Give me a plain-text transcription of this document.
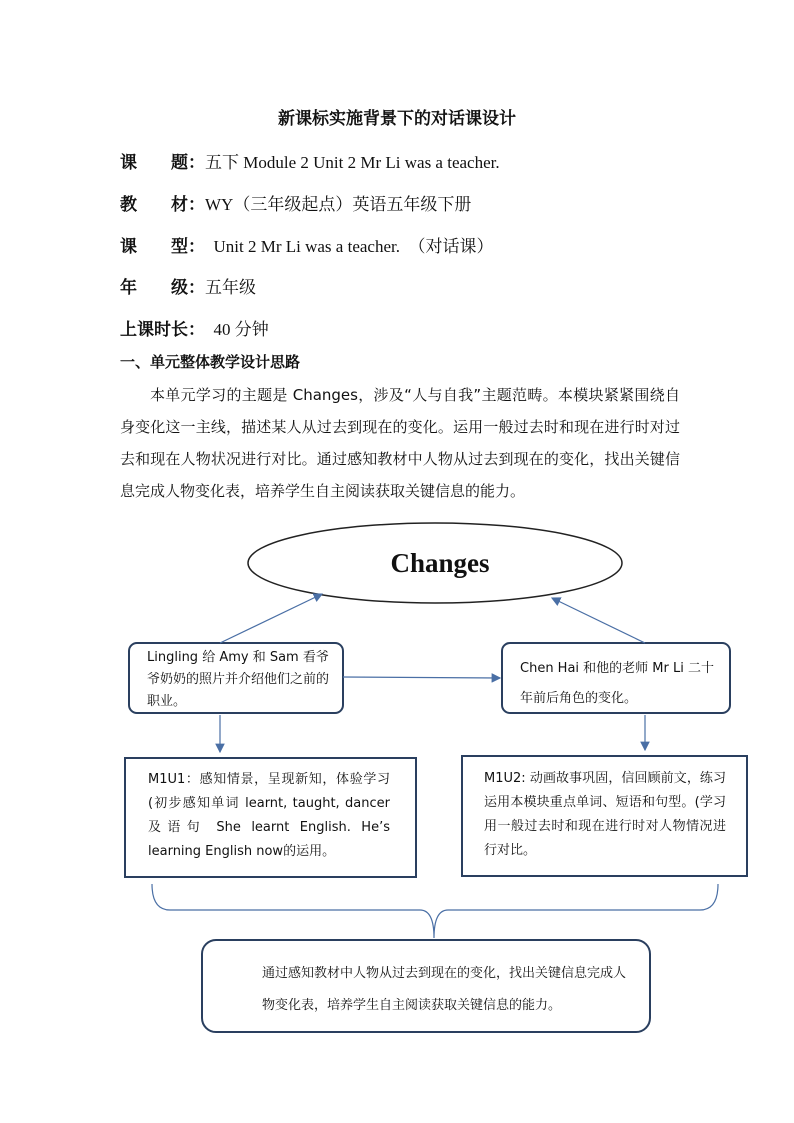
新课标实施背景下的对话课设计
课　　题：五下 Module 2 Unit 2 Mr Li was a teacher.
教　　材：WY（三年级起点）英语五年级下册
课　　型：  Unit 2 Mr Li was a teacher.  （对话课）
年　　级：五年级
上课时长：  40 分钟
一、单元整体教学设计思路

本单元学习的主题是 Changes，涉及“人与自我”主题范畴。本模块紧紧围绕自身变化这一主线，描述某人从过去到现在的变化。运用一般过去时和现在进行时对过去和现在人物状况进行对比。通过感知教材中人物从过去到现在的变化，找出关键信息完成人物变化表，培养学生自主阅读获取关键信息的能力。

Changes
Lingling 给 Amy 和 Sam 看爷爷奶奶的照片并介绍他们之前的职业。
Chen Hai 和他的老师 Mr Li 二十年前后角色的变化。
M1U1：感知情景，呈现新知，体验学习(初步感知单词 learnt, taught, dancer 及语句 She learnt English. He’s learning English now的运用。
M1U2: 动画故事巩固，信回顾前文，练习运用本模块重点单词、短语和句型。(学习用一般过去时和现在进行时对人物情况进行对比。
通过感知教材中人物从过去到现在的变化，找出关键信息完成人物变化表，培养学生自主阅读获取关键信息的能力。
